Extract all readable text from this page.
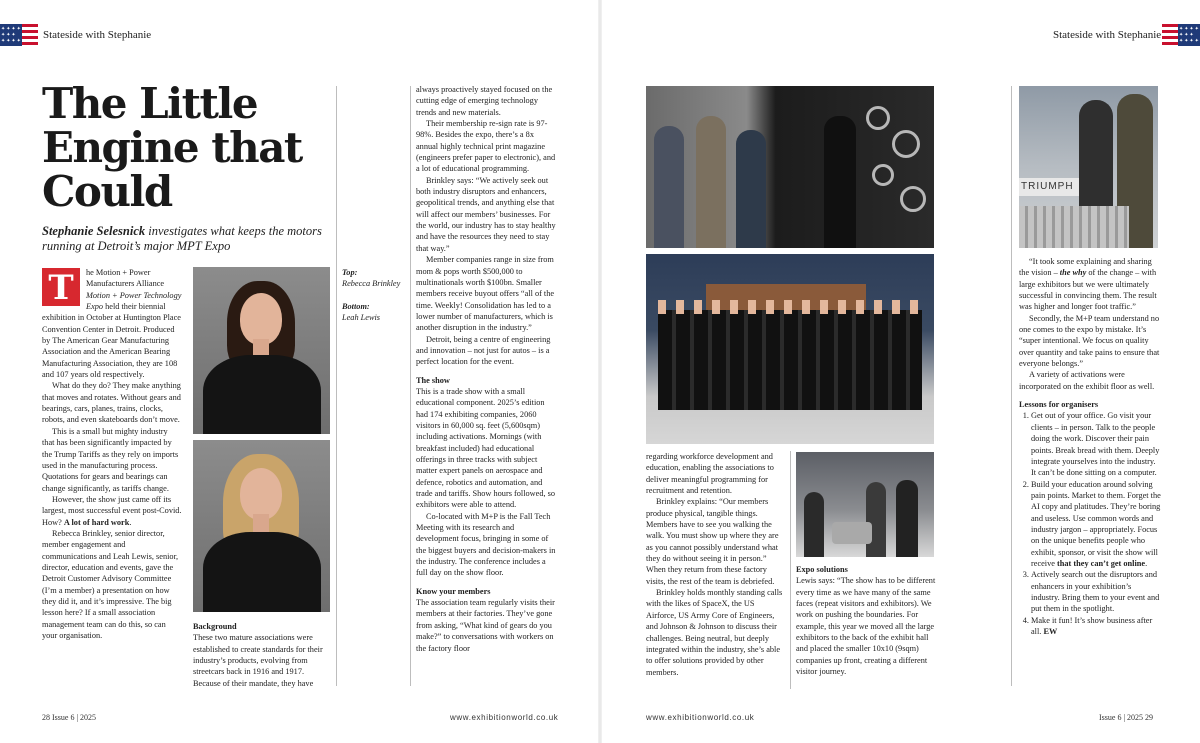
✦✦✦✦
✦✦✦
✦✦✦✦ Stateside with Stephanie	Stateside with Stephanie	✦✦✦✦
✦✦✦
✦✦✦✦
The Little Engine that Could

Stephanie Selesnick investigates what keeps the motors running at Detroit’s major MPT Expo

T	he Motion + Power Manufacturers Alliance Motion + Power Technology Expo held their biennial exhibition in October at Huntington Place Convention Center in Detroit. Produced by The American Gear Manufacturing Association and the American Bearing Manufacturing Association, they are 108 and 107 years old respectively.

What do they do? They make anything that moves and rotates. Without gears and bearings, cars, planes, trains, clocks, robots, and even skateboards don’t move.

This is a small but mighty industry that has been significantly impacted by the Trump Tariffs as they rely on imports used in the manufacturing process. Quotations for gears and bearings can change significantly, as tariffs change.

However, the show just came off its largest, most successful event post-Covid. How? A lot of hard work.

Rebecca Brinkley, senior director, member engagement and communications and Leah Lewis, senior, director, education and events, gave the Detroit Customer Advisory Committee (I’m a member) a presentation on how they did it, and it’s impressive. The big lesson here? If a small association management team can do this, so can your organisation.

Background

These two mature associations were established to create standards for their industry’s products, evolving from streetcars back in 1916 and 1917. Because of their mandate, they have

Top:
Rebecca Brinkley
Bottom:
Leah Lewis

always proactively stayed focused on the cutting edge of emerging technology trends and new materials.

Their membership re-sign rate is 97-98%. Besides the expo, there’s a 8x annual highly technical print magazine (engineers prefer paper to electronic), and a lot of educational programming.

Brinkley says: “We actively seek out both industry disruptors and enhancers, geopolitical trends, and anything else that will affect our members’ businesses. For the world, our industry has to stay healthy and have the resources they need to stay that way.”

Member companies range in size from mom & pops worth $500,000 to multinationals worth $100bn. Smaller members receive buyout offers “all of the time. Weekly! Consolidation has led to a lower number of manufacturers, which is another disruption in the industry.”

Detroit, being a centre of engineering and innovation – not just for autos – is a perfect location for the event.

The show

This is a trade show with a small educational component. 2025’s edition had 174 exhibiting companies, 2060 visitors in 60,000 sq. feet (5,600sqm) including activations. Mornings (with breakfast included) had educational offerings in three tracks with subject matter expert panels on aerospace and defence, robotics and automation, and trade and tariffs. Show hours followed, so exhibitors were able to attend.

Co-located with M+P is the Fall Tech Meeting with its research and development focus, bringing in some of the biggest buyers and decision-makers in the industry. The conference includes a full day on the show floor.

Know your members

The association team regularly visits their members at their factories. They’ve gone from asking, “What kind of gears do you make?” to conversations with workers on the factory floor

TRIUMPH

regarding workforce development and education, enabling the associations to deliver meaningful programming for recruitment and retention.

Brinkley explains: “Our members produce physical, tangible things. Members have to see you walking the walk. You must show up where they are as you cannot possibly understand what they do without seeing it in person.” When they return from these factory visits, the rest of the team is debriefed.

Brinkley holds monthly standing calls with the likes of SpaceX, the US Airforce, US Army Core of Engineers, and Johnson & Johnson to discuss their challenges. Being neutral, but deeply integrated within the industry, she’s able to offer solutions provided by other members.

Expo solutions

Lewis says: “The show has to be different every time as we have many of the same faces (repeat visitors and exhibitors). We work on pushing the boundaries. For example, this year we moved all the large exhibitors to the back of the exhibit hall and placed the smaller 10x10 (9sqm) companies up front, creating a different visitor journey.

“It took some explaining and sharing the vision – the why of the change – with large exhibitors but we were ultimately successful in convincing them. The result was higher and longer foot traffic.”

Secondly, the M+P team understand no one comes to the expo by mistake. It’s “super intentional. We focus on quality over quantity and take pains to ensure that everyone belongs.”

A variety of activations were incorporated on the exhibit floor as well.

Lessons for organisers
1. Get out of your office. Go visit your clients – in person. Talk to the people doing the work. Discover their pain points. Break bread with them. Deeply integrate yourselves into the industry. It can’t be done sitting on a computer.
2. Build your education around solving pain points. Market to them. Forget the AI copy and platitudes. They’re boring and useless. Use common words and industry jargon – appropriately. Focus on the unique benefits people who exhibit, sponsor, or visit the show will receive that they can’t get online.
3. Actively search out the disruptors and enhancers in your exhibition’s industry. Bring them to your event and put them in the spotlight.
4. Make it fun! It’s show business after all. EW
28 Issue 6 | 2025	www.exhibitionworld.co.uk	www.exhibitionworld.co.uk	Issue 6 | 2025 29
